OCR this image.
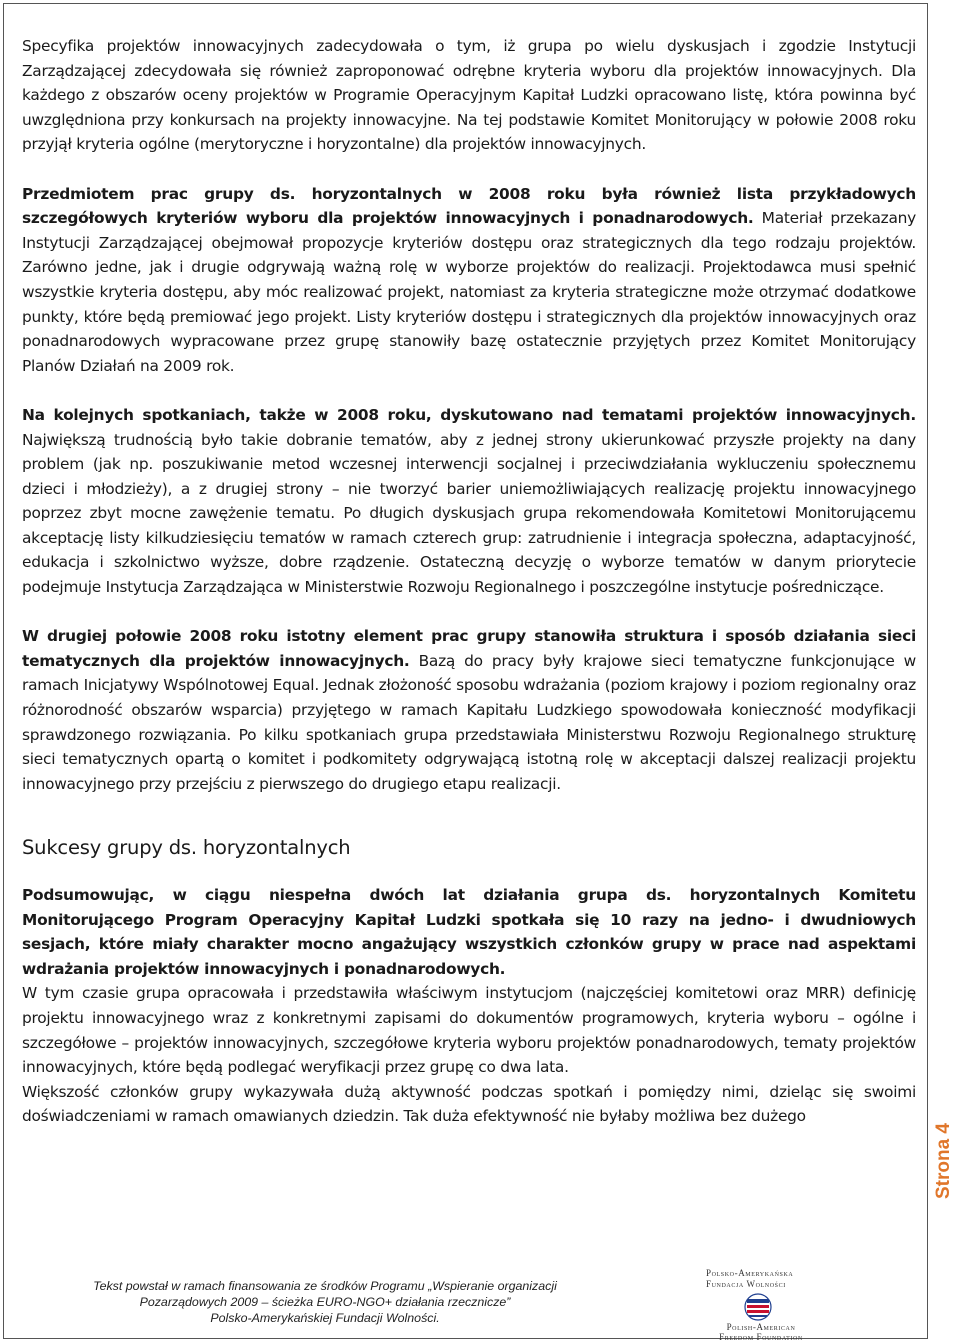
Specyfika projektów innowacyjnych zadecydowała o tym, iż grupa po wielu dyskusjach i zgodzie Instytucji Zarządzającej zdecydowała się również zaproponować odrębne kryteria wyboru dla projektów innowacyjnych. Dla każdego z obszarów oceny projektów w Programie Operacyjnym Kapitał Ludzki opracowano listę, która powinna być uwzględniona przy konkursach na projekty innowacyjne. Na tej podstawie Komitet Monitorujący w połowie 2008 roku przyjął kryteria ogólne (merytoryczne i horyzontalne) dla projektów innowacyjnych.

Przedmiotem prac grupy ds. horyzontalnych w 2008 roku była również lista przykładowych szczegółowych kryteriów wyboru dla projektów innowacyjnych i ponadnarodowych. Materiał przekazany Instytucji Zarządzającej obejmował propozycje kryteriów dostępu oraz strategicznych dla tego rodzaju projektów. Zarówno jedne, jak i drugie odgrywają ważną rolę w wyborze projektów do realizacji. Projektodawca musi spełnić wszystkie kryteria dostępu, aby móc realizować projekt, natomiast za kryteria strategiczne może otrzymać dodatkowe punkty, które będą premiować jego projekt. Listy kryteriów dostępu i strategicznych dla projektów innowacyjnych oraz ponadnarodowych wypracowane przez grupę stanowiły bazę ostatecznie przyjętych przez Komitet Monitorujący Planów Działań na 2009 rok.

Na kolejnych spotkaniach, także w 2008 roku, dyskutowano nad tematami projektów innowacyjnych. Największą trudnością było takie dobranie tematów, aby z jednej strony ukierunkować przyszłe projekty na dany problem (jak np. poszukiwanie metod wczesnej interwencji socjalnej i przeciwdziałania wykluczeniu społecznemu dzieci i młodzieży), a z drugiej strony – nie tworzyć barier uniemożliwiających realizację projektu innowacyjnego poprzez zbyt mocne zawężenie tematu. Po długich dyskusjach grupa rekomendowała Komitetowi Monitorującemu akceptację listy kilkudziesięciu tematów w ramach czterech grup: zatrudnienie i integracja społeczna, adaptacyjność, edukacja i szkolnictwo wyższe, dobre rządzenie. Ostateczną decyzję o wyborze tematów w danym priorytecie podejmuje Instytucja Zarządzająca w Ministerstwie Rozwoju Regionalnego i poszczególne instytucje pośredniczące.

W drugiej połowie 2008 roku istotny element prac grupy stanowiła struktura i sposób działania sieci tematycznych dla projektów innowacyjnych. Bazą do pracy były krajowe sieci tematyczne funkcjonujące w ramach Inicjatywy Wspólnotowej Equal. Jednak złożoność sposobu wdrażania (poziom krajowy i poziom regionalny oraz różnorodność obszarów wsparcia) przyjętego w ramach Kapitału Ludzkiego spowodowała konieczność modyfikacji sprawdzonego rozwiązania. Po kilku spotkaniach grupa przedstawiała Ministerstwu Rozwoju Regionalnego strukturę sieci tematycznych opartą o komitet i podkomitety odgrywającą istotną rolę w akceptacji dalszej realizacji projektu innowacyjnego przy przejściu z pierwszego do drugiego etapu realizacji.

Sukcesy grupy ds. horyzontalnych

Podsumowując, w ciągu niespełna dwóch lat działania grupa ds. horyzontalnych Komitetu Monitorującego Program Operacyjny Kapitał Ludzki spotkała się 10 razy na jedno- i dwudniowych sesjach, które miały charakter mocno angażujący wszystkich członków grupy w prace nad aspektami wdrażania projektów innowacyjnych i ponadnarodowych.

W tym czasie grupa opracowała i przedstawiła właściwym instytucjom (najczęściej komitetowi oraz MRR) definicję projektu innowacyjnego wraz z konkretnymi zapisami do dokumentów programowych, kryteria wyboru – ogólne i szczegółowe – projektów innowacyjnych, szczegółowe kryteria wyboru projektów ponadnarodowych, tematy projektów innowacyjnych, które będą podlegać weryfikacji przez grupę co dwa lata.

Większość członków grupy wykazywała dużą aktywność podczas spotkań i pomiędzy nimi, dzieląc się swoimi doświadczeniami w ramach omawianych dziedzin. Tak duża efektywność nie byłaby możliwa bez dużego

Strona 4
Tekst powstał w ramach finansowania ze środków Programu „Wspieranie organizacji
Pozarządowych 2009 – ścieżka EURO-NGO+ działania rzecznicze”
Polsko-Amerykańskiej Fundacji Wolności.
Polsko-Amerykańska
Fundacja Wolności
Polish-American
Freedom Foundation
